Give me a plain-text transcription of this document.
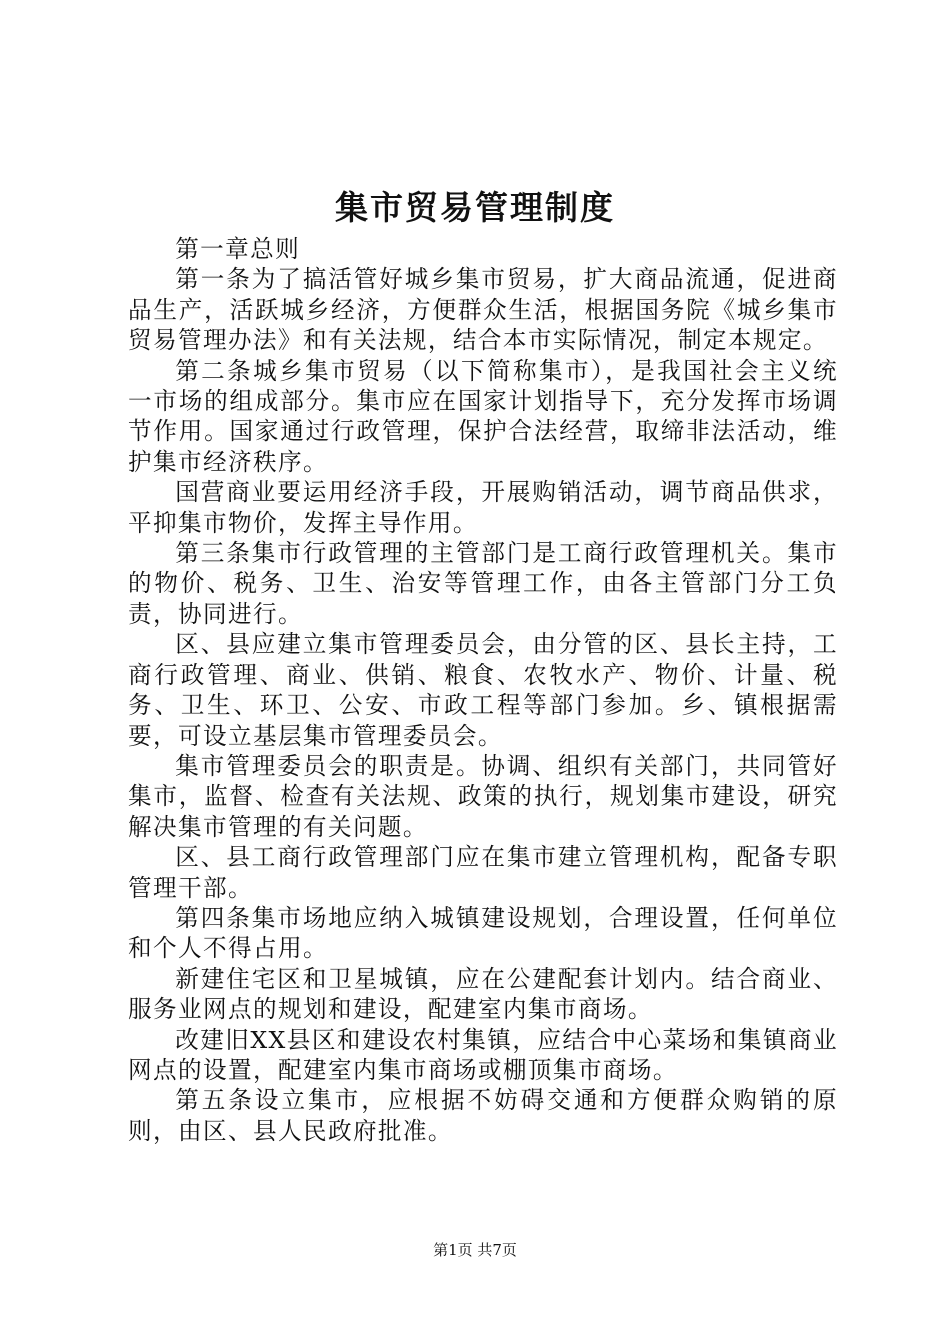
集市贸易管理制度

第一章总则

第一条为了搞活管好城乡集市贸易，扩大商品流通，促进商品生产，活跃城乡经济，方便群众生活，根据国务院《城乡集市贸易管理办法》和有关法规，结合本市实际情况，制定本规定。

第二条城乡集市贸易（以下简称集市），是我国社会主义统一市场的组成部分。集市应在国家计划指导下，充分发挥市场调节作用。国家通过行政管理，保护合法经营，取缔非法活动，维护集市经济秩序。

国营商业要运用经济手段，开展购销活动，调节商品供求，平抑集市物价，发挥主导作用。

第三条集市行政管理的主管部门是工商行政管理机关。集市的物价、税务、卫生、治安等管理工作，由各主管部门分工负责，协同进行。

区、县应建立集市管理委员会，由分管的区、县长主持，工商行政管理、商业、供销、粮食、农牧水产、物价、计量、税务、卫生、环卫、公安、市政工程等部门参加。乡、镇根据需要，可设立基层集市管理委员会。

集市管理委员会的职责是。协调、组织有关部门，共同管好集市，监督、检查有关法规、政策的执行，规划集市建设，研究解决集市管理的有关问题。

区、县工商行政管理部门应在集市建立管理机构，配备专职管理干部。

第四条集市场地应纳入城镇建设规划，合理设置，任何单位和个人不得占用。

新建住宅区和卫星城镇，应在公建配套计划内。结合商业、服务业网点的规划和建设，配建室内集市商场。

改建旧XX县区和建设农村集镇，应结合中心菜场和集镇商业网点的设置，配建室内集市商场或棚顶集市商场。

第五条设立集市，应根据不妨碍交通和方便群众购销的原则，由区、县人民政府批准。

第1页 共7页
